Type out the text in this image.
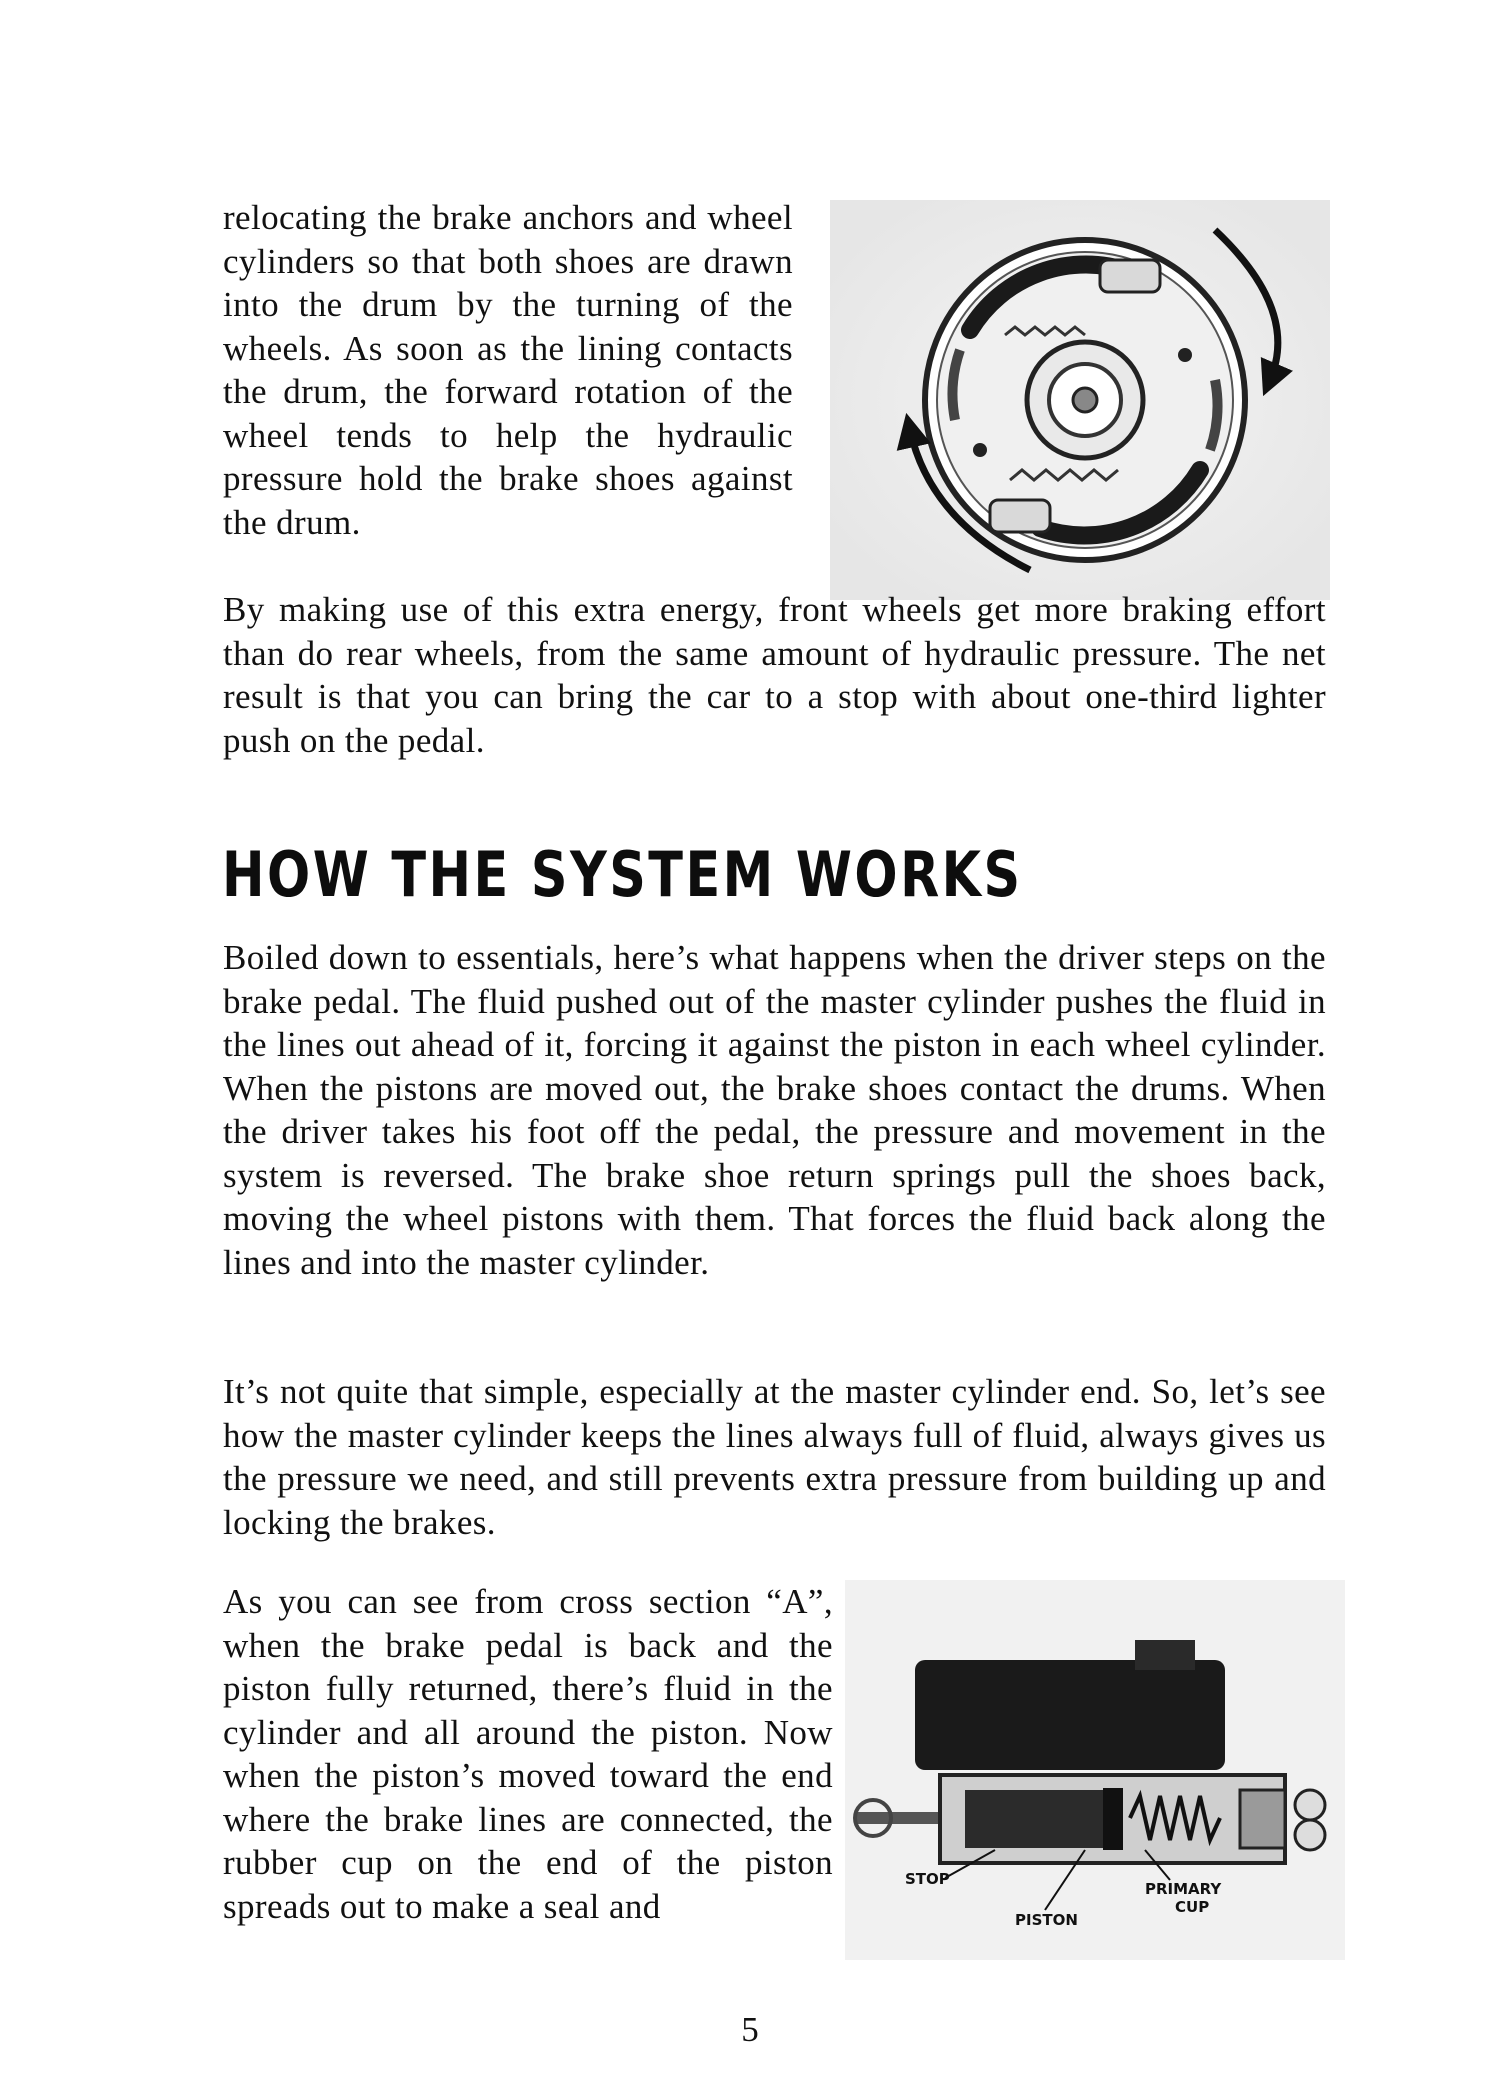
relocating the brake anchors and wheel cylinders so that both shoes are drawn into the drum by the turning of the wheels. As soon as the lining contacts the drum, the forward rotation of the wheel tends to help the hydraulic pressure hold the brake shoes against the drum.
By making use of this extra energy, front wheels get more braking effort than do rear wheels, from the same amount of hydraulic pressure. The net result is that you can bring the car to a stop with about one-third lighter push on the pedal.
HOW THE SYSTEM WORKS
Boiled down to essentials, here’s what happens when the driver steps on the brake pedal. The fluid pushed out of the master cylinder pushes the fluid in the lines out ahead of it, forcing it against the piston in each wheel cylinder. When the pistons are moved out, the brake shoes contact the drums. When the driver takes his foot off the pedal, the pressure and movement in the system is reversed. The brake shoe return springs pull the shoes back, moving the wheel pistons with them. That forces the fluid back along the lines and into the master cylinder.
It’s not quite that simple, especially at the master cylinder end. So, let’s see how the master cylinder keeps the lines always full of fluid, always gives us the pressure we need, and still prevents extra pressure from building up and locking the brakes.
As you can see from cross section “A”, when the brake pedal is back and the piston fully returned, there’s fluid in the cylinder and all around the piston. Now when the piston’s moved toward the end where the brake lines are connected, the rubber cup on the end of the piston spreads out to make a seal and
STOP
PISTON
PRIMARY
CUP
5
